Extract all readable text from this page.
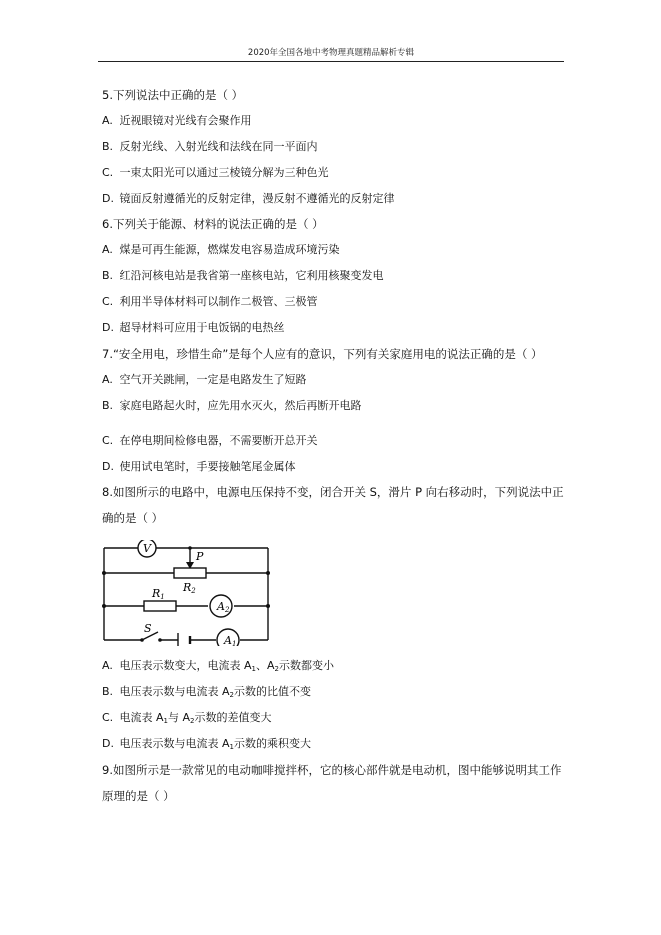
2020年全国各地中考物理真题精品解析专辑
5.下列说法中正确的是（ ）
A. 近视眼镜对光线有会聚作用
B. 反射光线、入射光线和法线在同一平面内
C. 一束太阳光可以通过三棱镜分解为三种色光
D. 镜面反射遵循光的反射定律，漫反射不遵循光的反射定律
6.下列关于能源、材料的说法正确的是（ ）
A. 煤是可再生能源，燃煤发电容易造成环境污染
B. 红沿河核电站是我省第一座核电站，它利用核聚变发电
C. 利用半导体材料可以制作二极管、三极管
D. 超导材料可应用于电饭锅的电热丝
7.“安全用电，珍惜生命”是每个人应有的意识，下列有关家庭用电的说法正确的是（ ）
A. 空气开关跳闸，一定是电路发生了短路
B. 家庭电路起火时，应先用水灭火，然后再断开电路
C. 在停电期间检修电器，不需要断开总开关
D. 使用试电笔时，手要接触笔尾金属体
8.如图所示的电路中，电源电压保持不变，闭合开关 S，滑片 P 向右移动时，下列说法中正
确的是（ ）
V
P
R2
R1
A2
S
A1
A. 电压表示数变大，电流表 $A_1$、$A_2$示数都变小
B. 电压表示数与电流表 $A_2$示数的比值不变
C. 电流表 $A_1$与 $A_2$示数的差值变大
D. 电压表示数与电流表 $A_1$示数的乘积变大
9.如图所示是一款常见的电动咖啡搅拌杯，它的核心部件就是电动机，图中能够说明其工作
原理的是（ ）
